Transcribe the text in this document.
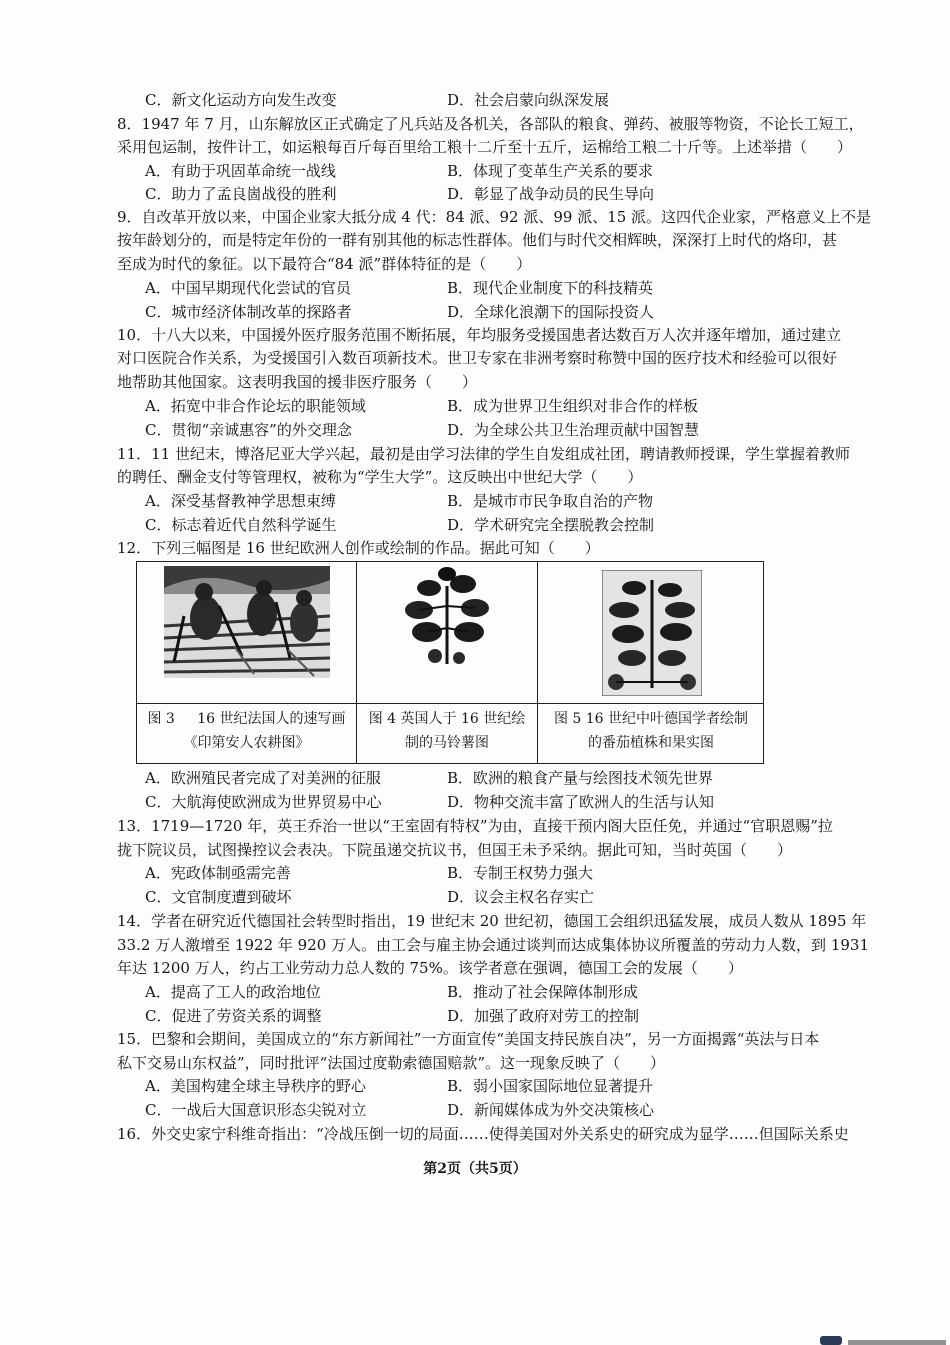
C．新文化运动方向发生改变	D．社会启蒙向纵深发展
8．1947 年 7 月，山东解放区正式确定了凡兵站及各机关，各部队的粮食、弹药、被服等物资，不论长工短工，
采用包运制，按件计工，如运粮每百斤每百里给工粮十二斤至十五斤，运棉给工粮二十斤等。上述举措（　　）
A．有助于巩固革命统一战线	B．体现了变革生产关系的要求
C．助力了孟良崮战役的胜利	D．彰显了战争动员的民生导向
9．自改革开放以来，中国企业家大抵分成 4 代：84 派、92 派、99 派、15 派。这四代企业家，严格意义上不是
按年龄划分的，而是特定年份的一群有别其他的标志性群体。他们与时代交相辉映，深深打上时代的烙印，甚
至成为时代的象征。以下最符合“84 派”群体特征的是（　　）
A．中国早期现代化尝试的官员	B．现代企业制度下的科技精英
C．城市经济体制改革的探路者	D．全球化浪潮下的国际投资人
10．十八大以来，中国援外医疗服务范围不断拓展，年均服务受援国患者达数百万人次并逐年增加，通过建立
对口医院合作关系，为受援国引入数百项新技术。世卫专家在非洲考察时称赞中国的医疗技术和经验可以很好
地帮助其他国家。这表明我国的援非医疗服务（　　）
A．拓宽中非合作论坛的职能领域	B．成为世界卫生组织对非合作的样板
C．贯彻“亲诚惠容”的外交理念	D．为全球公共卫生治理贡献中国智慧
11．11 世纪末，博洛尼亚大学兴起，最初是由学习法律的学生自发组成社团，聘请教师授课，学生掌握着教师
的聘任、酬金支付等管理权，被称为“学生大学”。这反映出中世纪大学（　　）
A．深受基督教神学思想束缚	B．是城市市民争取自治的产物
C．标志着近代自然科学诞生	D．学术研究完全摆脱教会控制
12．下列三幅图是 16 世纪欧洲人创作或绘制的作品。据此可知（　　）
图 3 16 世纪法国人的速写画
《印第安人农耕图》
图 4 英国人于 16 世纪绘
制的马铃薯图
图 5 16 世纪中叶德国学者绘制
的番茄植株和果实图
A．欧洲殖民者完成了对美洲的征服	B．欧洲的粮食产量与绘图技术领先世界
C．大航海使欧洲成为世界贸易中心	D．物种交流丰富了欧洲人的生活与认知
13．1719—1720 年，英王乔治一世以“王室固有特权”为由，直接干预内阁大臣任免，并通过“官职恩赐”拉
拢下院议员，试图操控议会表决。下院虽递交抗议书，但国王未予采纳。据此可知，当时英国（　　）
A．宪政体制亟需完善	B．专制王权势力强大
C．文官制度遭到破坏	D．议会主权名存实亡
14．学者在研究近代德国社会转型时指出，19 世纪末 20 世纪初，德国工会组织迅猛发展，成员人数从 1895 年
33.2 万人激增至 1922 年 920 万人。由工会与雇主协会通过谈判而达成集体协议所覆盖的劳动力人数，到 1931
年达 1200 万人，约占工业劳动力总人数的 75%。该学者意在强调，德国工会的发展（　　）
A．提高了工人的政治地位	B．推动了社会保障体制形成
C．促进了劳资关系的调整	D．加强了政府对劳工的控制
15．巴黎和会期间，美国成立的“东方新闻社”一方面宣传“美国支持民族自决”，另一方面揭露“英法与日本
私下交易山东权益”，同时批评“法国过度勒索德国赔款”。这一现象反映了（　　）
A．美国构建全球主导秩序的野心	B．弱小国家国际地位显著提升
C．一战后大国意识形态尖锐对立	D．新闻媒体成为外交决策核心
16．外交史家宁科维奇指出：“冷战压倒一切的局面……使得美国对外关系史的研究成为显学……但国际关系史
第2页（共5页）
